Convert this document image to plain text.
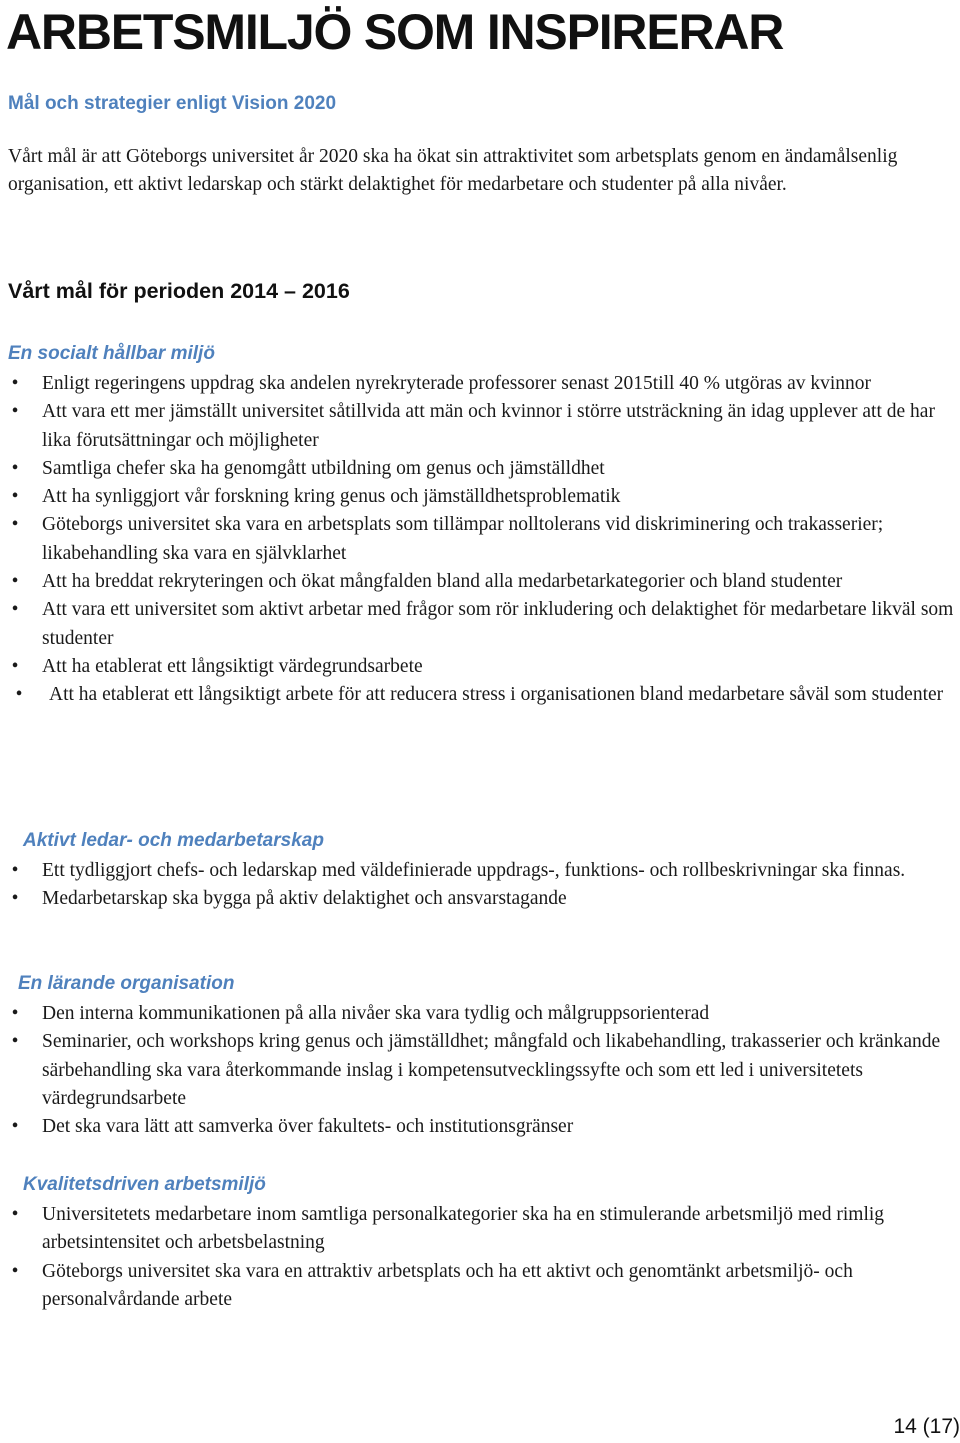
ARBETSMILJÖ SOM INSPIRERAR
Mål och strategier enligt Vision 2020

Vårt mål är att Göteborgs universitet år 2020 ska ha ökat sin attraktivitet som arbetsplats genom en ändamålsenlig organisation, ett aktivt ledarskap och stärkt delaktighet för medarbetare och studenter på alla nivåer.

Vårt mål för perioden 2014 – 2016
En socialt hållbar miljö
• Enligt regeringens uppdrag ska andelen nyrekryterade professorer senast 2015till 40 % utgöras av kvinnor
• Att vara ett mer jämställt universitet såtillvida att män och kvinnor i större utsträckning än idag upplever att de har lika förutsättningar och möjligheter
• Samtliga chefer ska ha genomgått utbildning om genus och jämställdhet
• Att ha synliggjort vår forskning kring genus och jämställdhetsproblematik
• Göteborgs universitet ska vara en arbetsplats som tillämpar nolltolerans vid diskriminering och trakasserier; likabehandling ska vara en självklarhet
• Att ha breddat rekryteringen och ökat mångfalden bland alla medarbetarkategorier och bland studenter
• Att vara ett universitet som aktivt arbetar med frågor som rör inkludering och delaktighet för medarbetare likväl som studenter
• Att ha etablerat ett långsiktigt värdegrundsarbete
• Att ha etablerat ett långsiktigt arbete för att reducera stress i organisationen bland medarbetare såväl som studenter
Aktivt ledar- och medarbetarskap
• Ett tydliggjort chefs- och ledarskap med väldefinierade uppdrags-, funktions- och rollbeskrivningar ska finnas.
• Medarbetarskap ska bygga på aktiv delaktighet och ansvarstagande
En lärande organisation
• Den interna kommunikationen på alla nivåer ska vara tydlig och målgruppsorienterad
• Seminarier, och workshops kring genus och jämställdhet; mångfald och likabehandling, trakasserier och kränkande särbehandling ska vara återkommande inslag i kompetensutvecklingssyfte och som ett led i universitetets värdegrundsarbete
• Det ska vara lätt att samverka över fakultets- och institutionsgränser
Kvalitetsdriven arbetsmiljö
• Universitetets medarbetare inom samtliga personalkategorier ska ha en stimulerande arbetsmiljö med rimlig arbetsintensitet och arbetsbelastning
• Göteborgs universitet ska vara en attraktiv arbetsplats och ha ett aktivt och genomtänkt arbetsmiljö- och personalvårdande arbete

14 (17)
